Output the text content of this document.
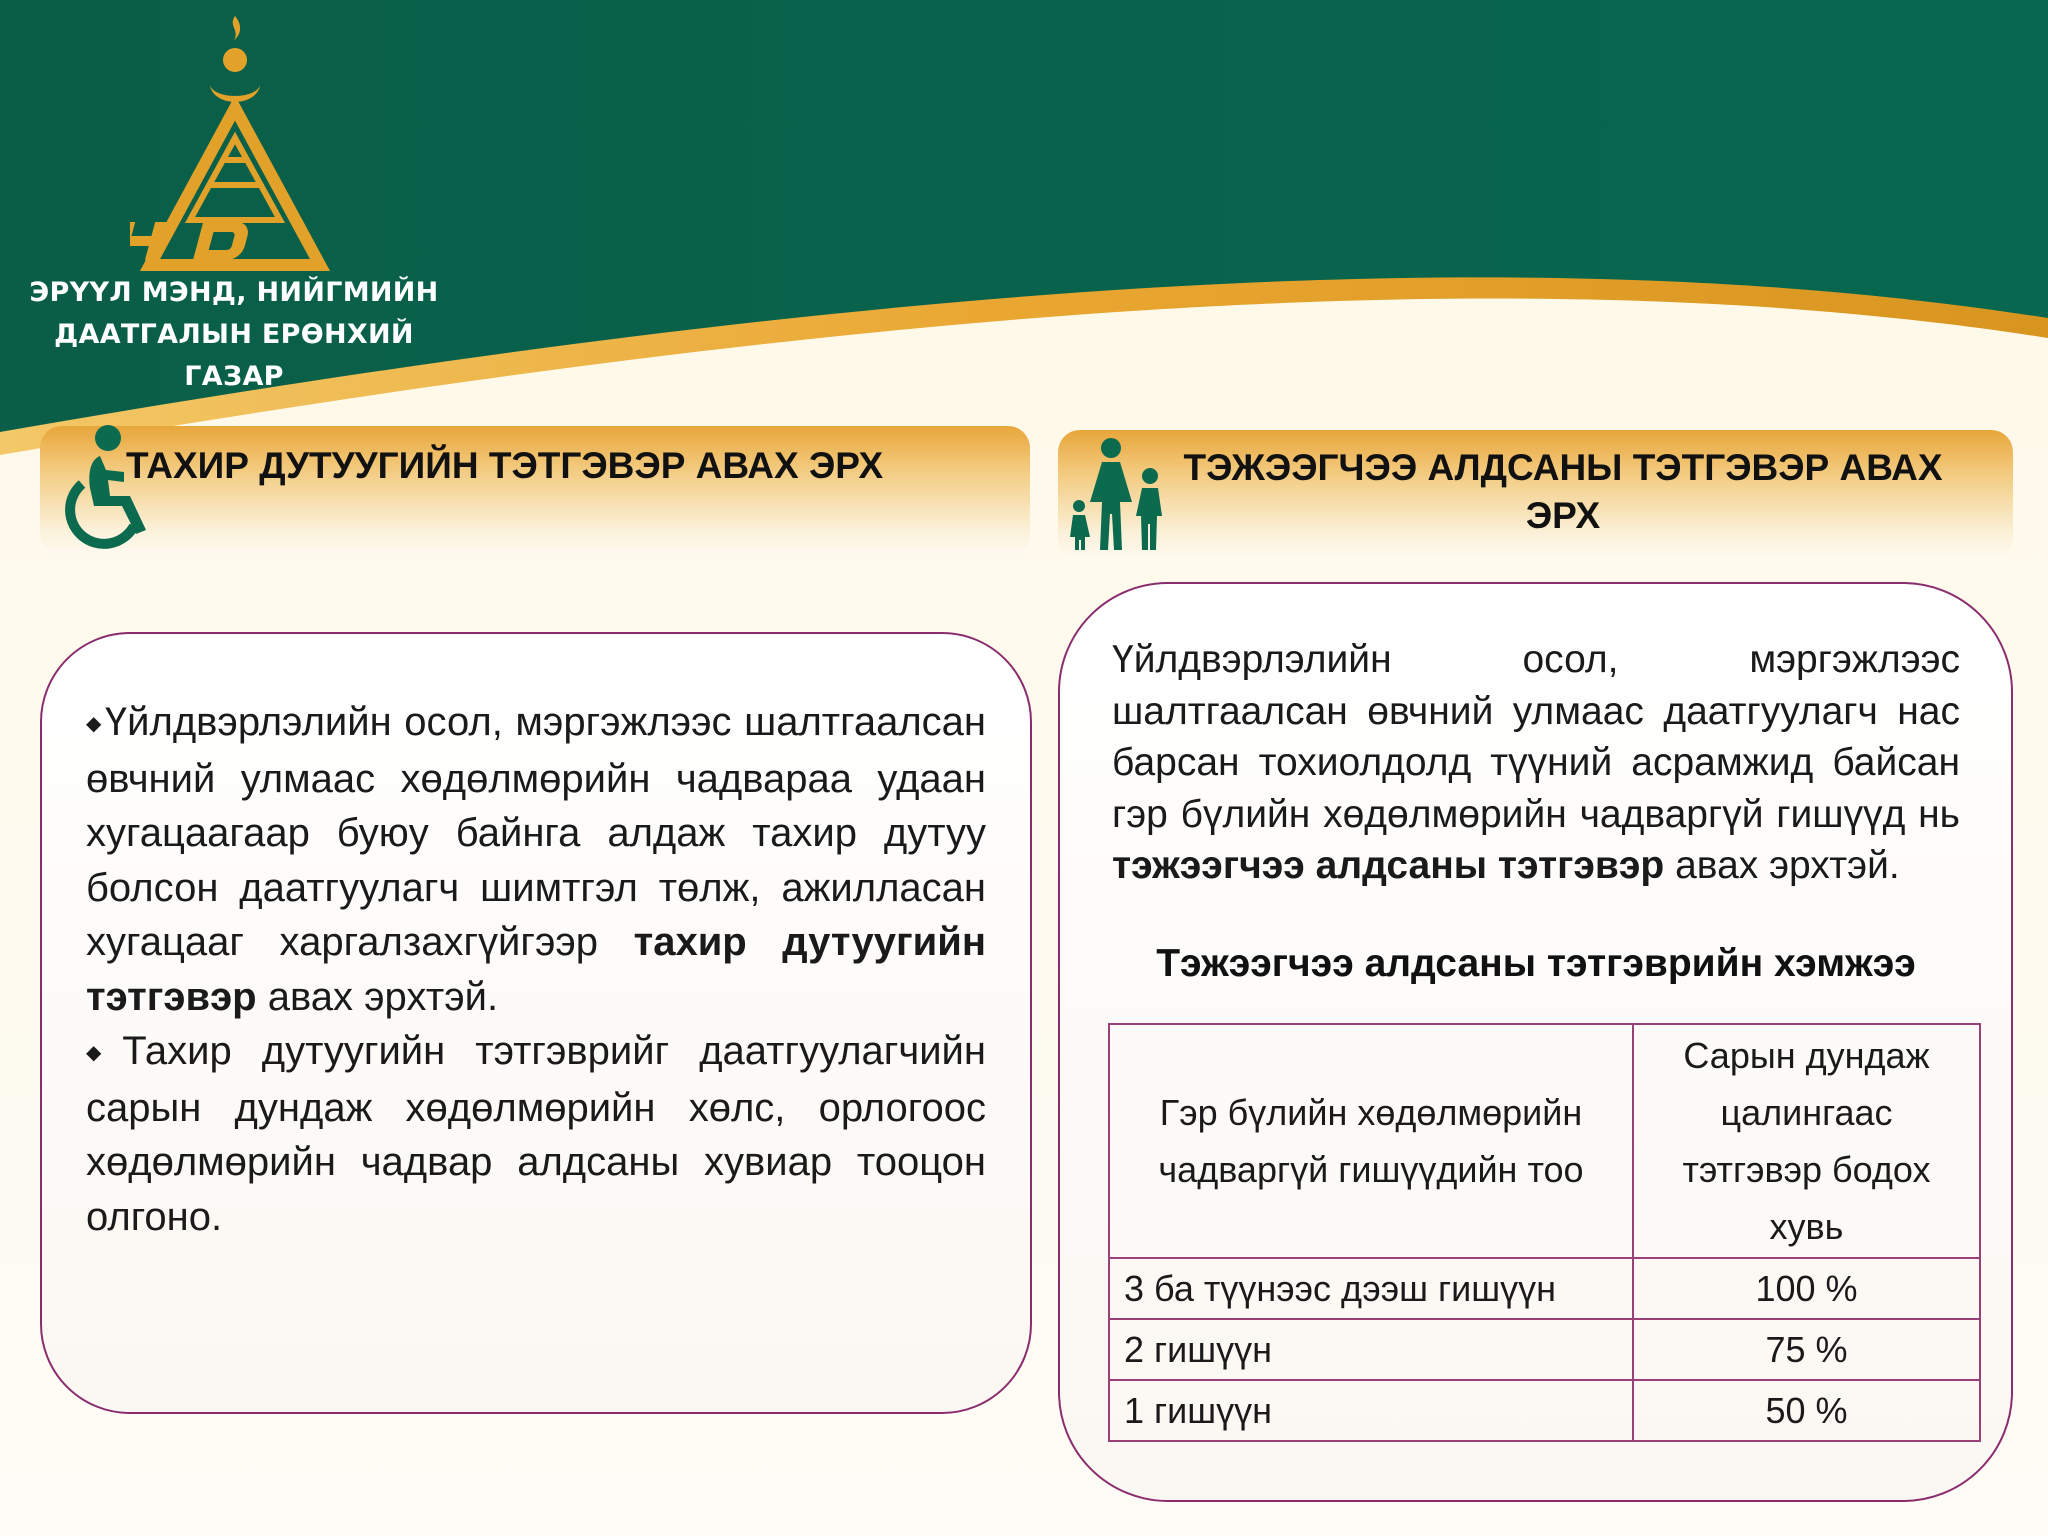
ЭРҮҮЛ МЭНД, НИЙГМИЙН
ДААТГАЛЫН ЕРӨНХИЙ ГАЗАР
ТАХИР ДУТУУГИЙН ТЭТГЭВЭР АВАХ ЭРХ	ТЭЖЭЭГЧЭЭ АЛДСАНЫ ТЭТГЭВЭР АВАХ ЭРХ
◆Үйлдвэрлэлийн осол, мэргэжлээс шалтгаалсан өвчний улмаас хөдөлмөрийн чадвараа удаан хугацаагаар буюу байнга алдаж тахир дутуу болсон даатгуулагч шимтгэл төлж, ажилласан хугацааг харгалзахгүйгээр тахир дутуугийн тэтгэвэр авах эрхтэй.
◆Тахир дутуугийн тэтгэврийг даатгуулагчийн сарын дундаж хөдөлмөрийн хөлс, орлогоос хөдөлмөрийн чадвар алдсаны хувиар тооцон олгоно.
Үйлдвэрлэлийн осол, мэргэжлээс шалтгаалсан өвчний улмаас даатгуулагч нас барсан тохиолдолд түүний асрамжид байсан гэр бүлийн хөдөлмөрийн чадваргүй гишүүд нь тэжээгчээ алдсаны тэтгэвэр авах эрхтэй.
Тэжээгчээ алдсаны тэтгэврийн хэмжээ
Гэр бүлийн хөдөлмөрийн чадваргүй гишүүдийн тоо	Сарын дундаж цалингаас тэтгэвэр бодох хувь
3 ба түүнээс дээш гишүүн	100 %
2 гишүүн	75 %
1 гишүүн	50 %
